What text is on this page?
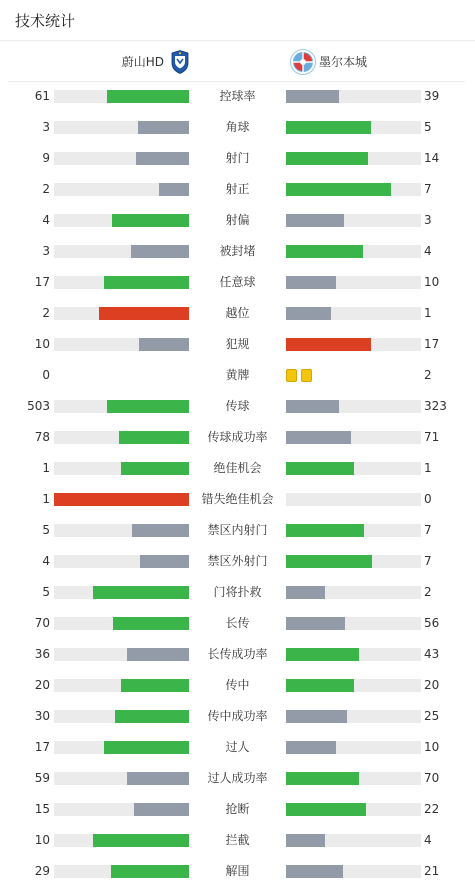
技术统计
蔚山HD	墨尔本城
61	控球率	39
3	角球	5
9	射门	14
2	射正	7
4	射偏	3
3	被封堵	4
17	任意球	10
2	越位	1
10	犯规	17
0	黄牌	2
503	传球	323
78	传球成功率	71
1	绝佳机会	1
1	错失绝佳机会	0
5	禁区内射门	7
4	禁区外射门	7
5	门将扑救	2
70	长传	56
36	长传成功率	43
20	传中	20
30	传中成功率	25
17	过人	10
59	过人成功率	70
15	抢断	22
10	拦截	4
29	解围	21
